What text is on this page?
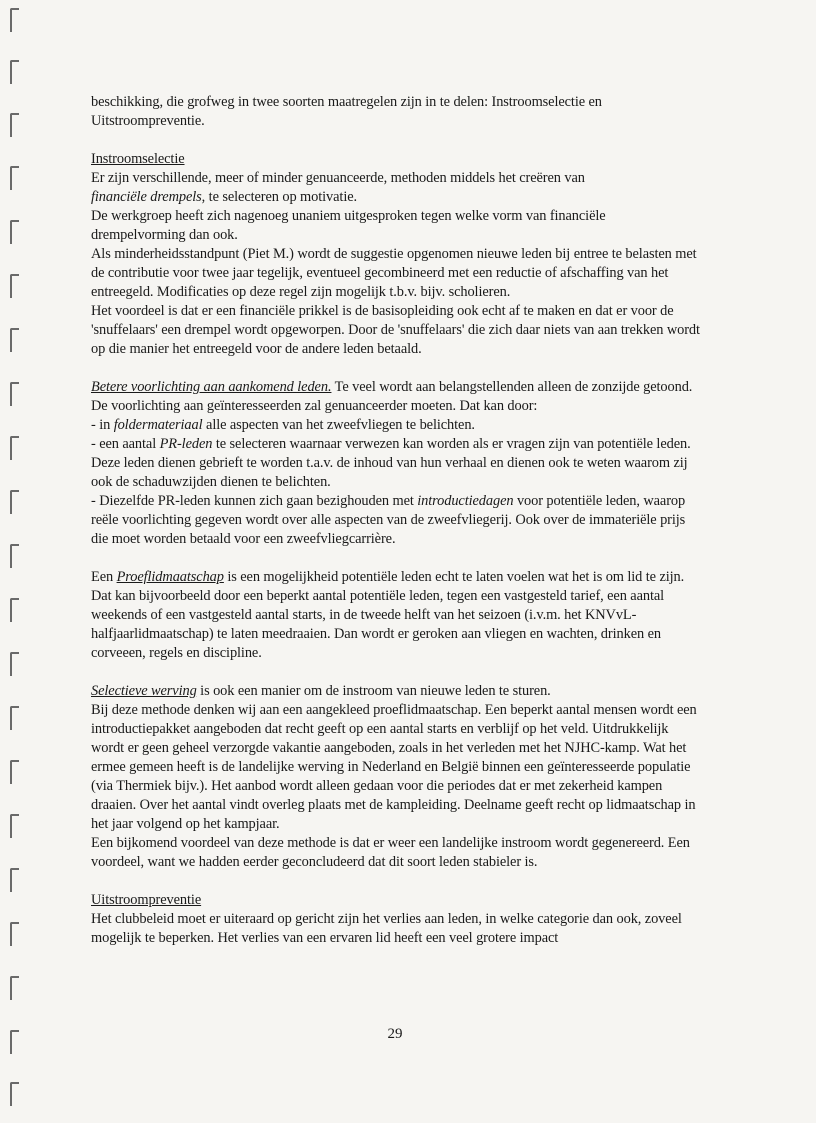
beschikking, die grofweg in twee soorten maatregelen zijn in te delen: Instroomselectie en Uitstroompreventie.

Instroomselectie

Er zijn verschillende, meer of minder genuanceerde, methoden middels het creëren van
financiële drempels, te selecteren op motivatie.

De werkgroep heeft zich nagenoeg unaniem uitgesproken tegen welke vorm van financiële drempelvorming dan ook.

Als minderheidsstandpunt (Piet M.) wordt de suggestie opgenomen nieuwe leden bij entree te belasten met de contributie voor twee jaar tegelijk, eventueel gecombineerd met een reductie of afschaffing van het entreegeld. Modificaties op deze regel zijn mogelijk t.b.v. bijv. scholieren.

Het voordeel is dat er een financiële prikkel is de basisopleiding ook echt af te maken en dat er voor de 'snuffelaars' een drempel wordt opgeworpen. Door de 'snuffelaars' die zich daar niets van aan trekken wordt op die manier het entreegeld voor de andere leden betaald.

Betere voorlichting aan aankomend leden. Te veel wordt aan belangstellenden alleen de zonzijde getoond. De voorlichting aan geïnteresseerden zal genuanceerder moeten. Dat kan door:

- in foldermateriaal alle aspecten van het zweefvliegen te belichten.

- een aantal PR-leden te selecteren waarnaar verwezen kan worden als er vragen zijn van potentiële leden. Deze leden dienen gebrieft te worden t.a.v. de inhoud van hun verhaal en dienen ook te weten waarom zij ook de schaduwzijden dienen te belichten.

- Diezelfde PR-leden kunnen zich gaan bezighouden met introductiedagen voor potentiële leden, waarop reële voorlichting gegeven wordt over alle aspecten van de zweefvliegerij. Ook over de immateriële prijs die moet worden betaald voor een zweefvliegcarrière.

Een Proeflidmaatschap is een mogelijkheid potentiële leden echt te laten voelen wat het is om lid te zijn. Dat kan bijvoorbeeld door een beperkt aantal potentiële leden, tegen een vastgesteld tarief, een aantal weekends of een vastgesteld aantal starts, in de tweede helft van het seizoen (i.v.m. het KNVvL-halfjaarlidmaatschap) te laten meedraaien. Dan wordt er geroken aan vliegen en wachten, drinken en corveeen, regels en discipline.

Selectieve werving is ook een manier om de instroom van nieuwe leden te sturen.

Bij deze methode denken wij aan een aangekleed proeflidmaatschap. Een beperkt aantal mensen wordt een introductiepakket aangeboden dat recht geeft op een aantal starts en verblijf op het veld. Uitdrukkelijk wordt er geen geheel verzorgde vakantie aangeboden, zoals in het verleden met het NJHC-kamp. Wat het ermee gemeen heeft is de landelijke werving in Nederland en België binnen een geïnteresseerde populatie (via Thermiek bijv.). Het aanbod wordt alleen gedaan voor die periodes dat er met zekerheid kampen draaien. Over het aantal vindt overleg plaats met de kampleiding. Deelname geeft recht op lidmaatschap in het jaar volgend op het kampjaar.

Een bijkomend voordeel van deze methode is dat er weer een landelijke instroom wordt gegenereerd. Een voordeel, want we hadden eerder geconcludeerd dat dit soort leden stabieler is.

Uitstroompreventie

Het clubbeleid moet er uiteraard op gericht zijn het verlies aan leden, in welke categorie dan ook, zoveel mogelijk te beperken. Het verlies van een ervaren lid heeft een veel grotere impact

29
